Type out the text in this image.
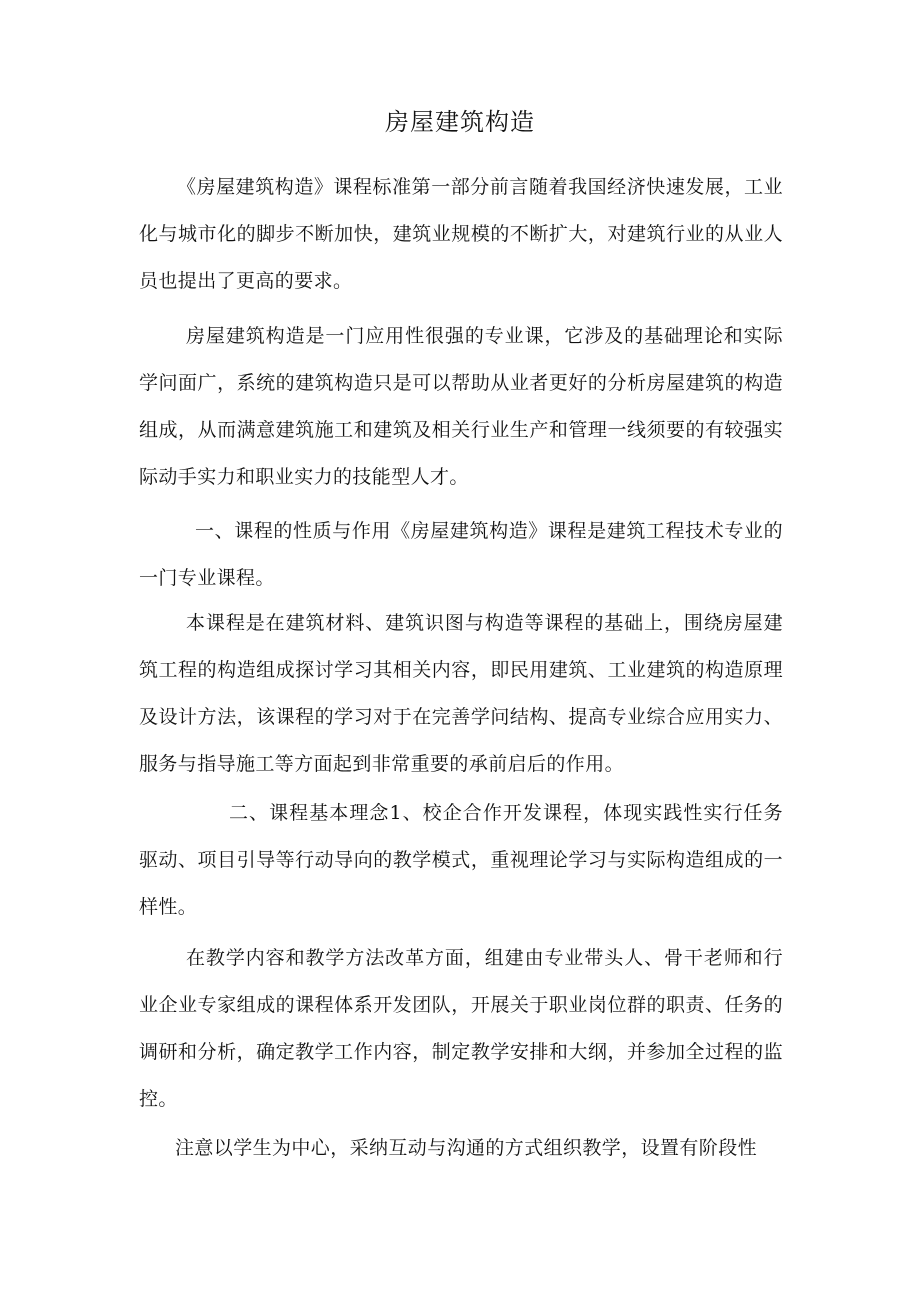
房屋建筑构造

《房屋建筑构造》课程标准第一部分前言随着我国经济快速发展，工业化与城市化的脚步不断加快，建筑业规模的不断扩大，对建筑行业的从业人员也提出了更高的要求。

房屋建筑构造是一门应用性很强的专业课，它涉及的基础理论和实际学问面广，系统的建筑构造只是可以帮助从业者更好的分析房屋建筑的构造组成，从而满意建筑施工和建筑及相关行业生产和管理一线须要的有较强实际动手实力和职业实力的技能型人才。

一、课程的性质与作用《房屋建筑构造》课程是建筑工程技术专业的一门专业课程。

本课程是在建筑材料、建筑识图与构造等课程的基础上，围绕房屋建筑工程的构造组成探讨学习其相关内容，即民用建筑、工业建筑的构造原理及设计方法，该课程的学习对于在完善学问结构、提高专业综合应用实力、服务与指导施工等方面起到非常重要的承前启后的作用。

二、课程基本理念1、校企合作开发课程，体现实践性实行任务驱动、项目引导等行动导向的教学模式，重视理论学习与实际构造组成的一样性。

在教学内容和教学方法改革方面，组建由专业带头人、骨干老师和行业企业专家组成的课程体系开发团队，开展关于职业岗位群的职责、任务的调研和分析，确定教学工作内容，制定教学安排和大纲，并参加全过程的监控。

注意以学生为中心，采纳互动与沟通的方式组织教学，设置有阶段性
